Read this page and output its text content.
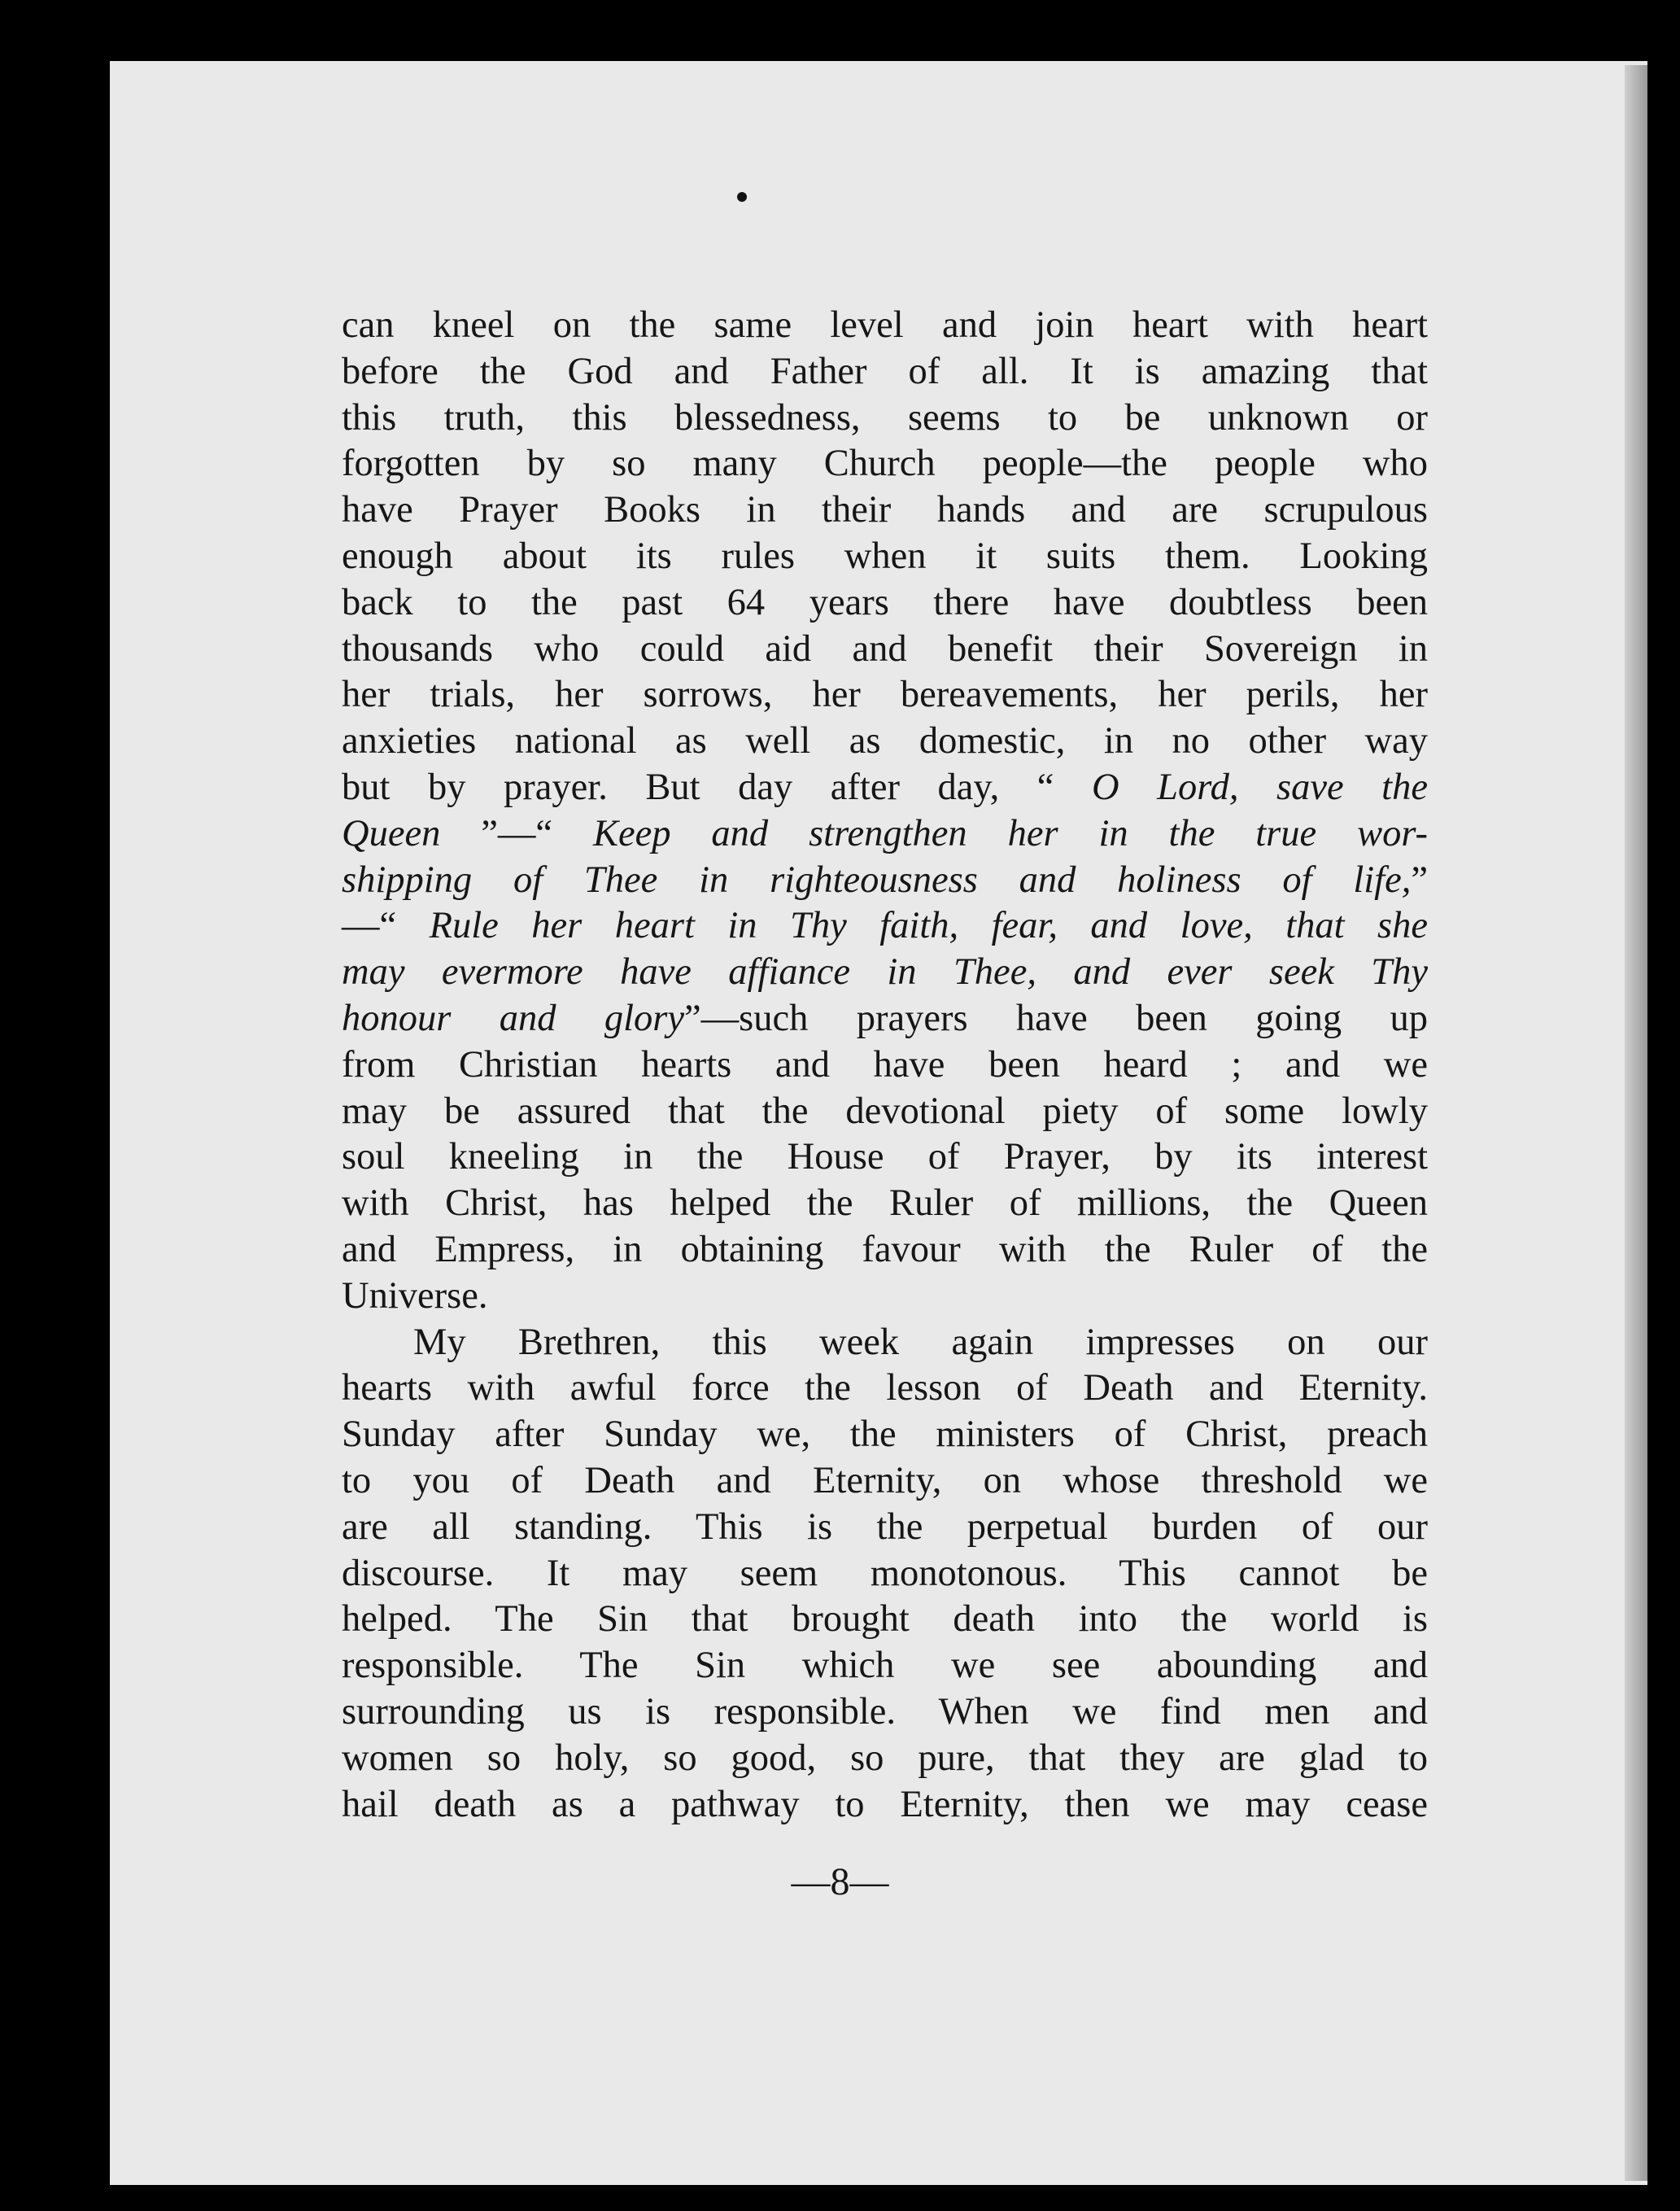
can kneel on the same level and join heart with heart
before the God and Father of all. It is amazing that
this truth, this blessedness, seems to be unknown or
forgotten by so many Church people—the people who
have Prayer Books in their hands and are scrupulous
enough about its rules when it suits them. Looking
back to the past 64 years there have doubtless been
thousands who could aid and benefit their Sovereign in
her trials, her sorrows, her bereavements, her perils, her
anxieties national as well as domestic, in no other way
but by prayer. But day after day, “ O Lord, save the
Queen ”—“ Keep and strengthen her in the true wor-
shipping of Thee in righteousness and holiness of life,”
—“ Rule her heart in Thy faith, fear, and love, that she
may evermore have affiance in Thee, and ever seek Thy
honour and glory”—such prayers have been going up
from Christian hearts and have been heard ; and we
may be assured that the devotional piety of some lowly
soul kneeling in the House of Prayer, by its interest
with Christ, has helped the Ruler of millions, the Queen
and Empress, in obtaining favour with the Ruler of the
Universe.
My Brethren, this week again impresses on our
hearts with awful force the lesson of Death and Eternity.
Sunday after Sunday we, the ministers of Christ, preach
to you of Death and Eternity, on whose threshold we
are all standing. This is the perpetual burden of our
discourse. It may seem monotonous. This cannot be
helped. The Sin that brought death into the world is
responsible. The Sin which we see abounding and
surrounding us is responsible. When we find men and
women so holy, so good, so pure, that they are glad to
hail death as a pathway to Eternity, then we may cease
—8—
